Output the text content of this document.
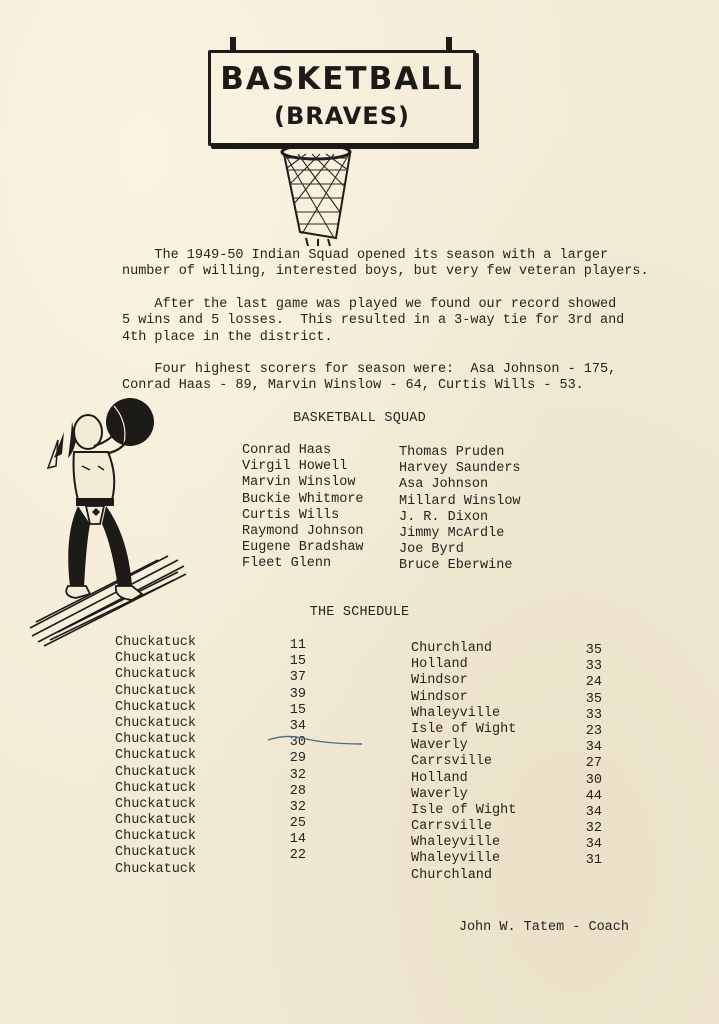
BASKETBALL
(BRAVES)

The 1949-50 Indian Squad opened its season with a larger
number of willing, interested boys, but very few veteran players.

After the last game was played we found our record showed
5 wins and 5 losses.  This resulted in a 3-way tie for 3rd and
4th place in the district.

Four highest scorers for season were:  Asa Johnson - 175,
Conrad Haas - 89, Marvin Winslow - 64, Curtis Wills - 53.

BASKETBALL SQUAD
Conrad Haas
Virgil Howell
Marvin Winslow
Buckie Whitmore
Curtis Wills
Raymond Johnson
Eugene Bradshaw
Fleet Glenn
Thomas Pruden
Harvey Saunders
Asa Johnson
Millard Winslow
J. R. Dixon
Jimmy McArdle
Joe Byrd
Bruce Eberwine
THE SCHEDULE
Chuckatuck
Chuckatuck
Chuckatuck
Chuckatuck
Chuckatuck
Chuckatuck
Chuckatuck
Chuckatuck
Chuckatuck
Chuckatuck
Chuckatuck
Chuckatuck
Chuckatuck
Chuckatuck
Chuckatuck
11
15
37
39
15
34
30
29
32
28
32
25
14
22
Churchland
Holland
Windsor
Windsor
Whaleyville
Isle of Wight
Waverly
Carrsville
Holland
Waverly
Isle of Wight
Carrsville
Whaleyville
Whaleyville
Churchland
35
33
24
35
33
23
34
27
30
44
34
32
34
31
John W. Tatem - Coach
